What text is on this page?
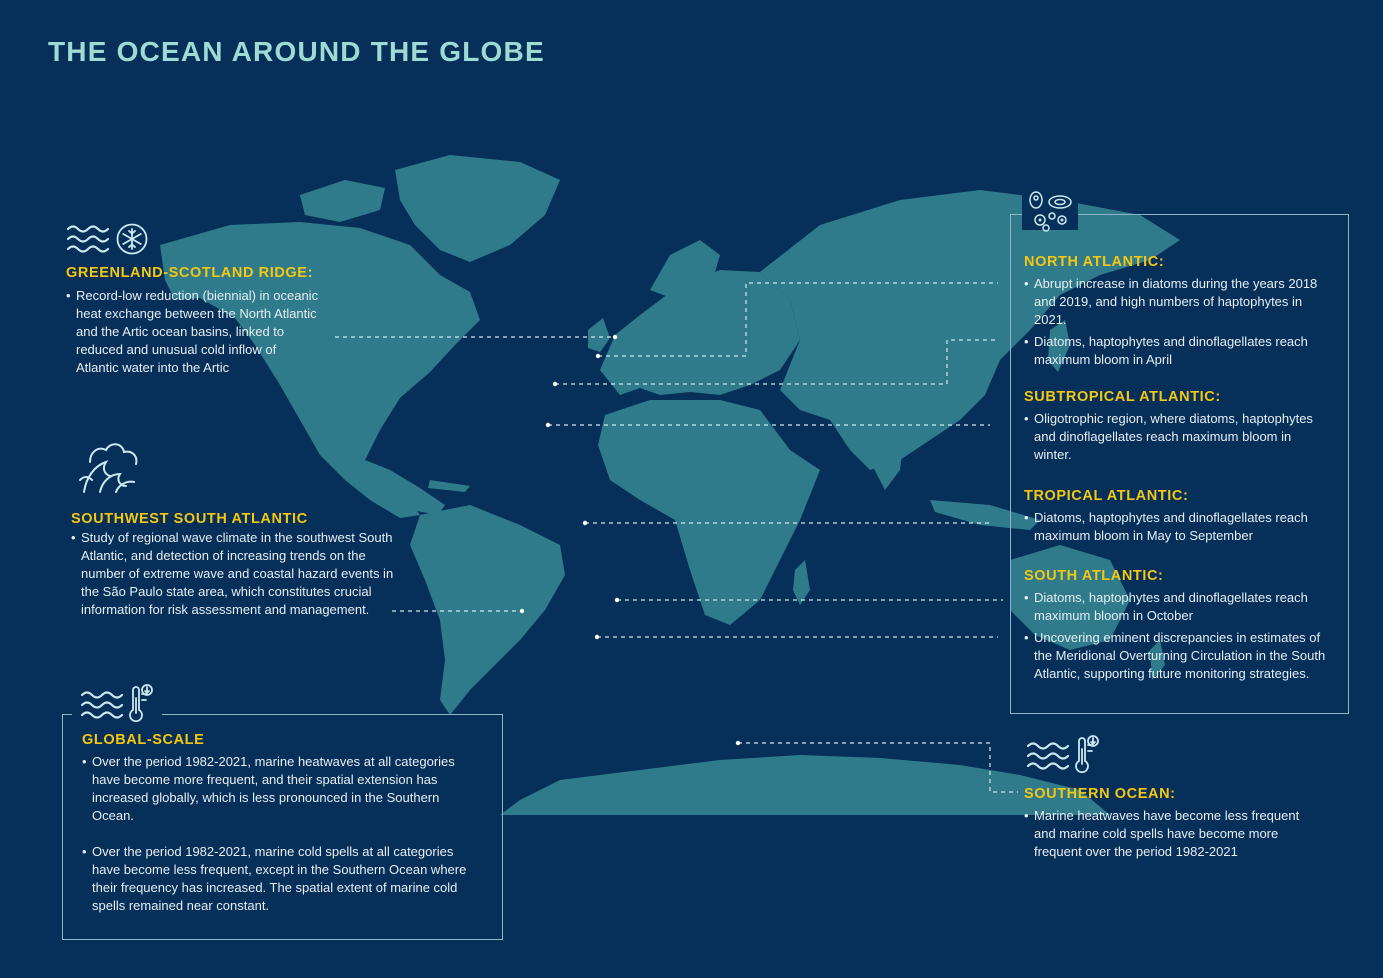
THE OCEAN AROUND THE GLOBE
GREENLAND-SCOTLAND RIDGE:
• Record-low reduction (biennial) in oceanic heat exchange between the North Atlantic and the Artic ocean basins, linked to reduced and unusual cold inflow of Atlantic water into the Artic
SOUTHWEST SOUTH ATLANTIC
• Study of regional wave climate in the southwest South Atlantic, and detection of increasing trends on the number of extreme wave and coastal hazard events in the São Paulo state area, which constitutes crucial information for risk assessment and management.
GLOBAL-SCALE
• Over the period 1982-2021, marine heatwaves at all categories have become more frequent, and their spatial extension has increased globally, which is less pronounced in the Southern Ocean.
• Over the period 1982-2021, marine cold spells at all categories have become less frequent, except in the Southern Ocean where their frequency has increased. The spatial extent of marine cold spells remained near constant.
NORTH ATLANTIC:
• Abrupt increase in diatoms during the years 2018 and 2019, and high numbers of haptophytes in 2021.
• Diatoms, haptophytes and dinoflagellates reach maximum bloom in April
SUBTROPICAL ATLANTIC:
• Oligotrophic region, where diatoms, haptophytes and dinoflagellates reach maximum bloom in winter.
TROPICAL ATLANTIC:
• Diatoms, haptophytes and dinoflagellates reach maximum bloom in May to September
SOUTH ATLANTIC:
• Diatoms, haptophytes and dinoflagellates reach maximum bloom in October
• Uncovering eminent discrepancies in estimates of the Meridional Overturning Circulation in the South Atlantic, supporting future monitoring strategies.
SOUTHERN OCEAN:
• Marine heatwaves have become less frequent and marine cold spells have become more frequent over the period 1982-2021
